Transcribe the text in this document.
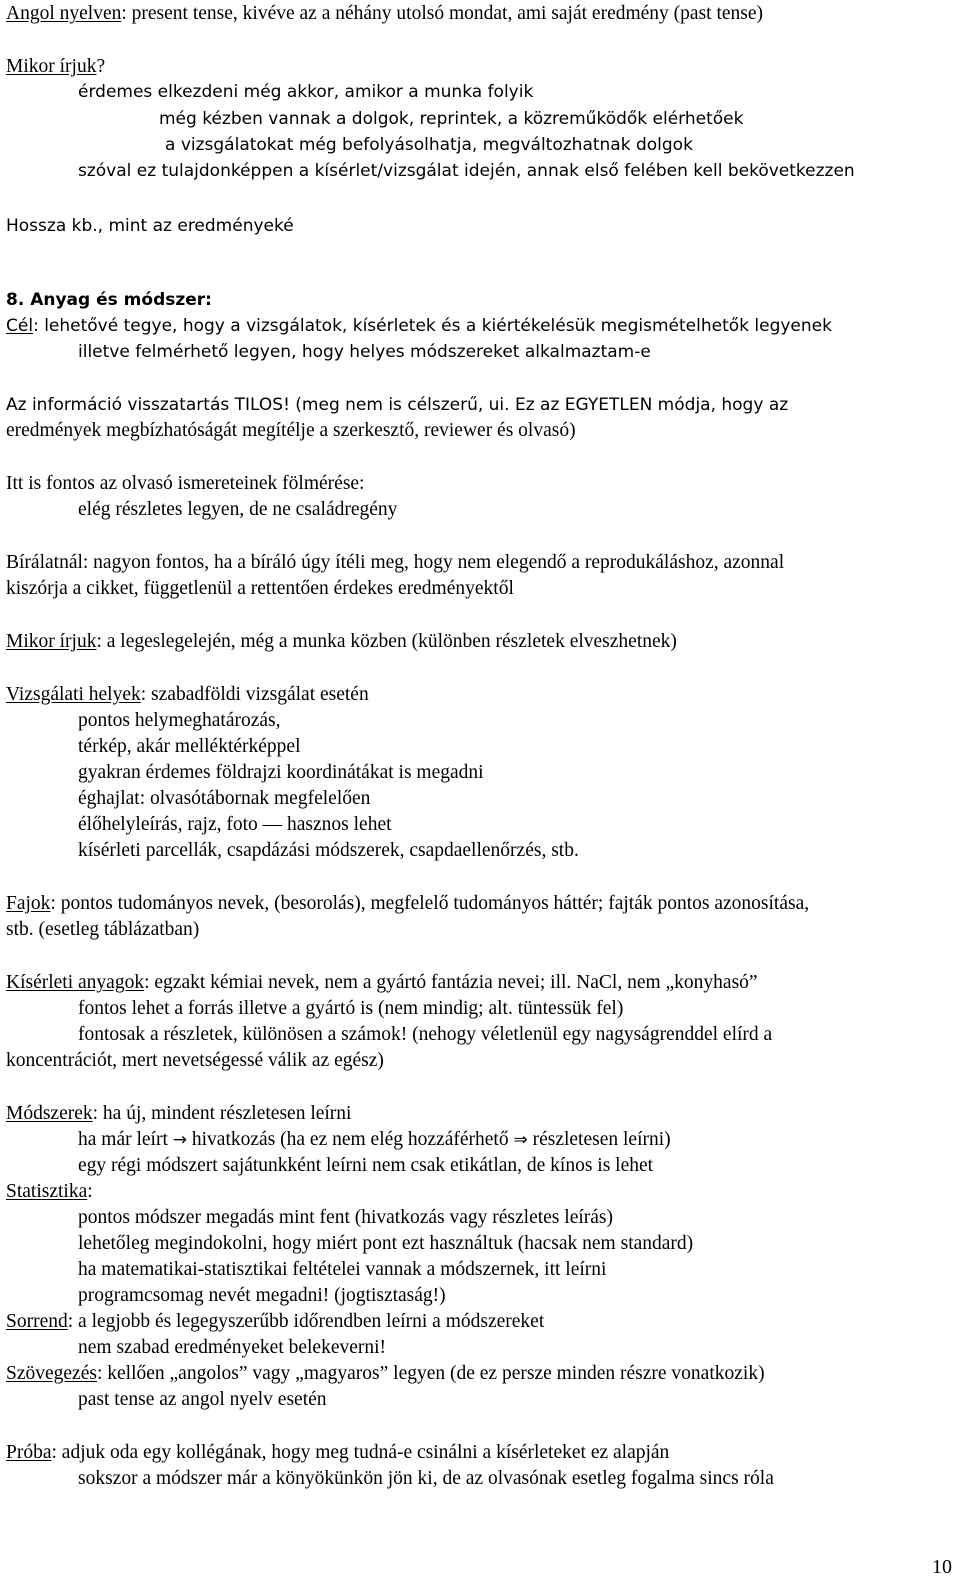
Angol nyelven: present tense, kivéve az a néhány utolsó mondat, ami saját eredmény (past tense)
Mikor írjuk?
érdemes elkezdeni még akkor, amikor a munka folyik
még kézben vannak a dolgok, reprintek, a közreműködők elérhetőek
a vizsgálatokat még befolyásolhatja, megváltozhatnak dolgok
szóval ez tulajdonképpen a kísérlet/vizsgálat idején, annak első felében kell bekövetkezzen
Hossza kb., mint az eredményeké
8. Anyag és módszer:
Cél: lehetővé tegye, hogy a vizsgálatok, kísérletek és a kiértékelésük megismételhetők legyenek
illetve felmérhető legyen, hogy helyes módszereket alkalmaztam-e
Az információ visszatartás TILOS! (meg nem is célszerű, ui. Ez az EGYETLEN módja, hogy az
eredmények megbízhatóságát megítélje a szerkesztő, reviewer és olvasó)
Itt is fontos az olvasó ismereteinek fölmérése:
elég részletes legyen, de ne családregény
Bírálatnál: nagyon fontos, ha a bíráló úgy ítéli meg, hogy nem elegendő a reprodukáláshoz, azonnal
kiszórja a cikket, függetlenül a rettentően érdekes eredményektől
Mikor írjuk: a legeslegelején, még a munka közben (különben részletek elveszhetnek)
Vizsgálati helyek: szabadföldi vizsgálat esetén
pontos helymeghatározás,
térkép, akár melléktérképpel
gyakran érdemes földrajzi koordinátákat is megadni
éghajlat: olvasótábornak megfelelően
élőhelyleírás, rajz, foto — hasznos lehet
kísérleti parcellák, csapdázási módszerek, csapdaellenőrzés, stb.
Fajok: pontos tudományos nevek, (besorolás), megfelelő tudományos háttér; fajták pontos azonosítása,
stb. (esetleg táblázatban)
Kísérleti anyagok: egzakt kémiai nevek, nem a gyártó fantázia nevei; ill. NaCl, nem „konyhasó”
fontos lehet a forrás illetve a gyártó is (nem mindig; alt. tüntessük fel)
fontosak a részletek, különösen a számok! (nehogy véletlenül egy nagyságrenddel elírd a
koncentrációt, mert nevetségessé válik az egész)
Módszerek: ha új, mindent részletesen leírni
ha már leírt → hivatkozás (ha ez nem elég hozzáférhető ⇒ részletesen leírni)
egy régi módszert sajátunkként leírni nem csak etikátlan, de kínos is lehet
Statisztika:
pontos módszer megadás mint fent (hivatkozás vagy részletes leírás)
lehetőleg megindokolni, hogy miért pont ezt használtuk (hacsak nem standard)
ha matematikai-statisztikai feltételei vannak a módszernek, itt leírni
programcsomag nevét megadni! (jogtisztaság!)
Sorrend: a legjobb és legegyszerűbb időrendben leírni a módszereket
nem szabad eredményeket belekeverni!
Szövegezés: kellően „angolos” vagy „magyaros” legyen (de ez persze minden részre vonatkozik)
past tense az angol nyelv esetén
Próba: adjuk oda egy kollégának, hogy meg tudná-e csinálni a kísérleteket ez alapján
sokszor a módszer már a könyökünkön jön ki, de az olvasónak esetleg fogalma sincs róla
10
